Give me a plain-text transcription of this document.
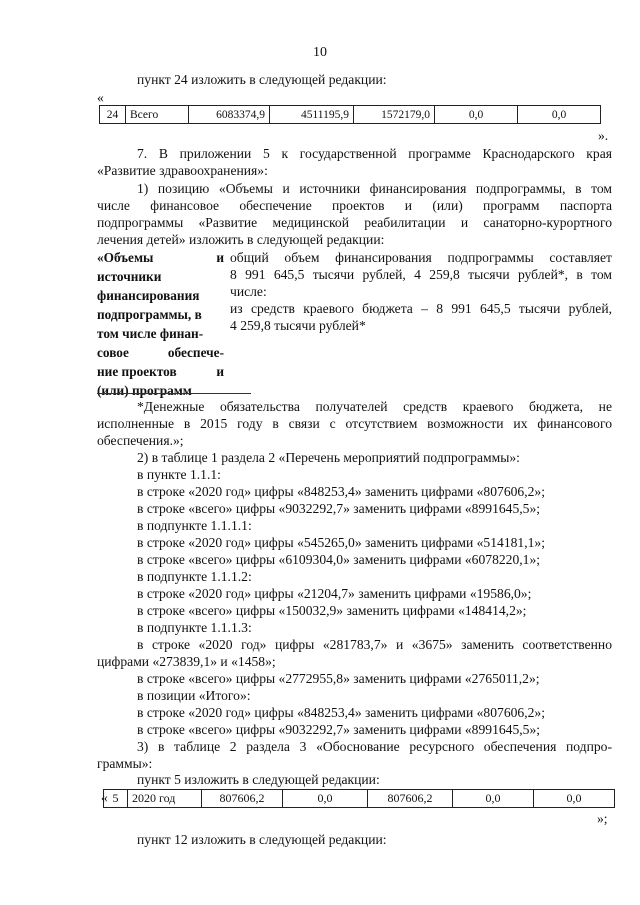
10
пункт 24 изложить в следующей редакции:
«
24	Всего	6083374,9	4511195,9	1572179,0	0,0	0,0
».
7. В приложении 5 к государственной программе Краснодарского края
«Развитие здравоохранения»:
1) позицию «Объемы и источники финансирования подпрограммы, в том
числе финансовое обеспечение проектов и (или) программ паспорта
подпрограммы «Развитие медицинской реабилитации и санаторно-курортного
лечения детей» изложить в следующей редакции:
«Объемы	и
источники
финансирования
подпрограммы, в
том числе финан-
совое	обеспече-
ние проектов	и
(или) программ
общий объем финансирования подпрограммы составляет
8 991 645,5 тысячи рублей, 4 259,8 тысячи рублей*, в том
числе:
из средств краевого бюджета – 8 991 645,5 тысячи рублей,
4 259,8 тысячи рублей*
*Денежные обязательства получателей средств краевого бюджета, не
исполненные в 2015 году в связи с отсутствием возможности их финансового
обеспечения.»;
2) в таблице 1 раздела 2 «Перечень мероприятий подпрограммы»:
в пункте 1.1.1:
в строке «2020 год» цифры «848253,4» заменить цифрами «807606,2»;
в строке «всего» цифры «9032292,7» заменить цифрами «8991645,5»;
в подпункте 1.1.1.1:
в строке «2020 год» цифры «545265,0» заменить цифрами «514181,1»;
в строке «всего» цифры «6109304,0» заменить цифрами «6078220,1»;
в подпункте 1.1.1.2:
в строке «2020 год» цифры «21204,7» заменить цифрами «19586,0»;
в строке «всего» цифры «150032,9» заменить цифрами «148414,2»;
в подпункте 1.1.1.3:
в строке «2020 год» цифры «281783,7» и «3675» заменить соответственно
цифрами «273839,1» и «1458»;
в строке «всего» цифры «2772955,8» заменить цифрами «2765011,2»;
в позиции «Итого»:
в строке «2020 год» цифры «848253,4» заменить цифрами «807606,2»;
в строке «всего» цифры «9032292,7» заменить цифрами «8991645,5»;
3) в таблице 2 раздела 3 «Обоснование ресурсного обеспечения подпро-
граммы»:
пункт 5 изложить в следующей редакции:
« 5	2020 год	807606,2	0,0	807606,2	0,0	0,0
»;
пункт 12 изложить в следующей редакции:
